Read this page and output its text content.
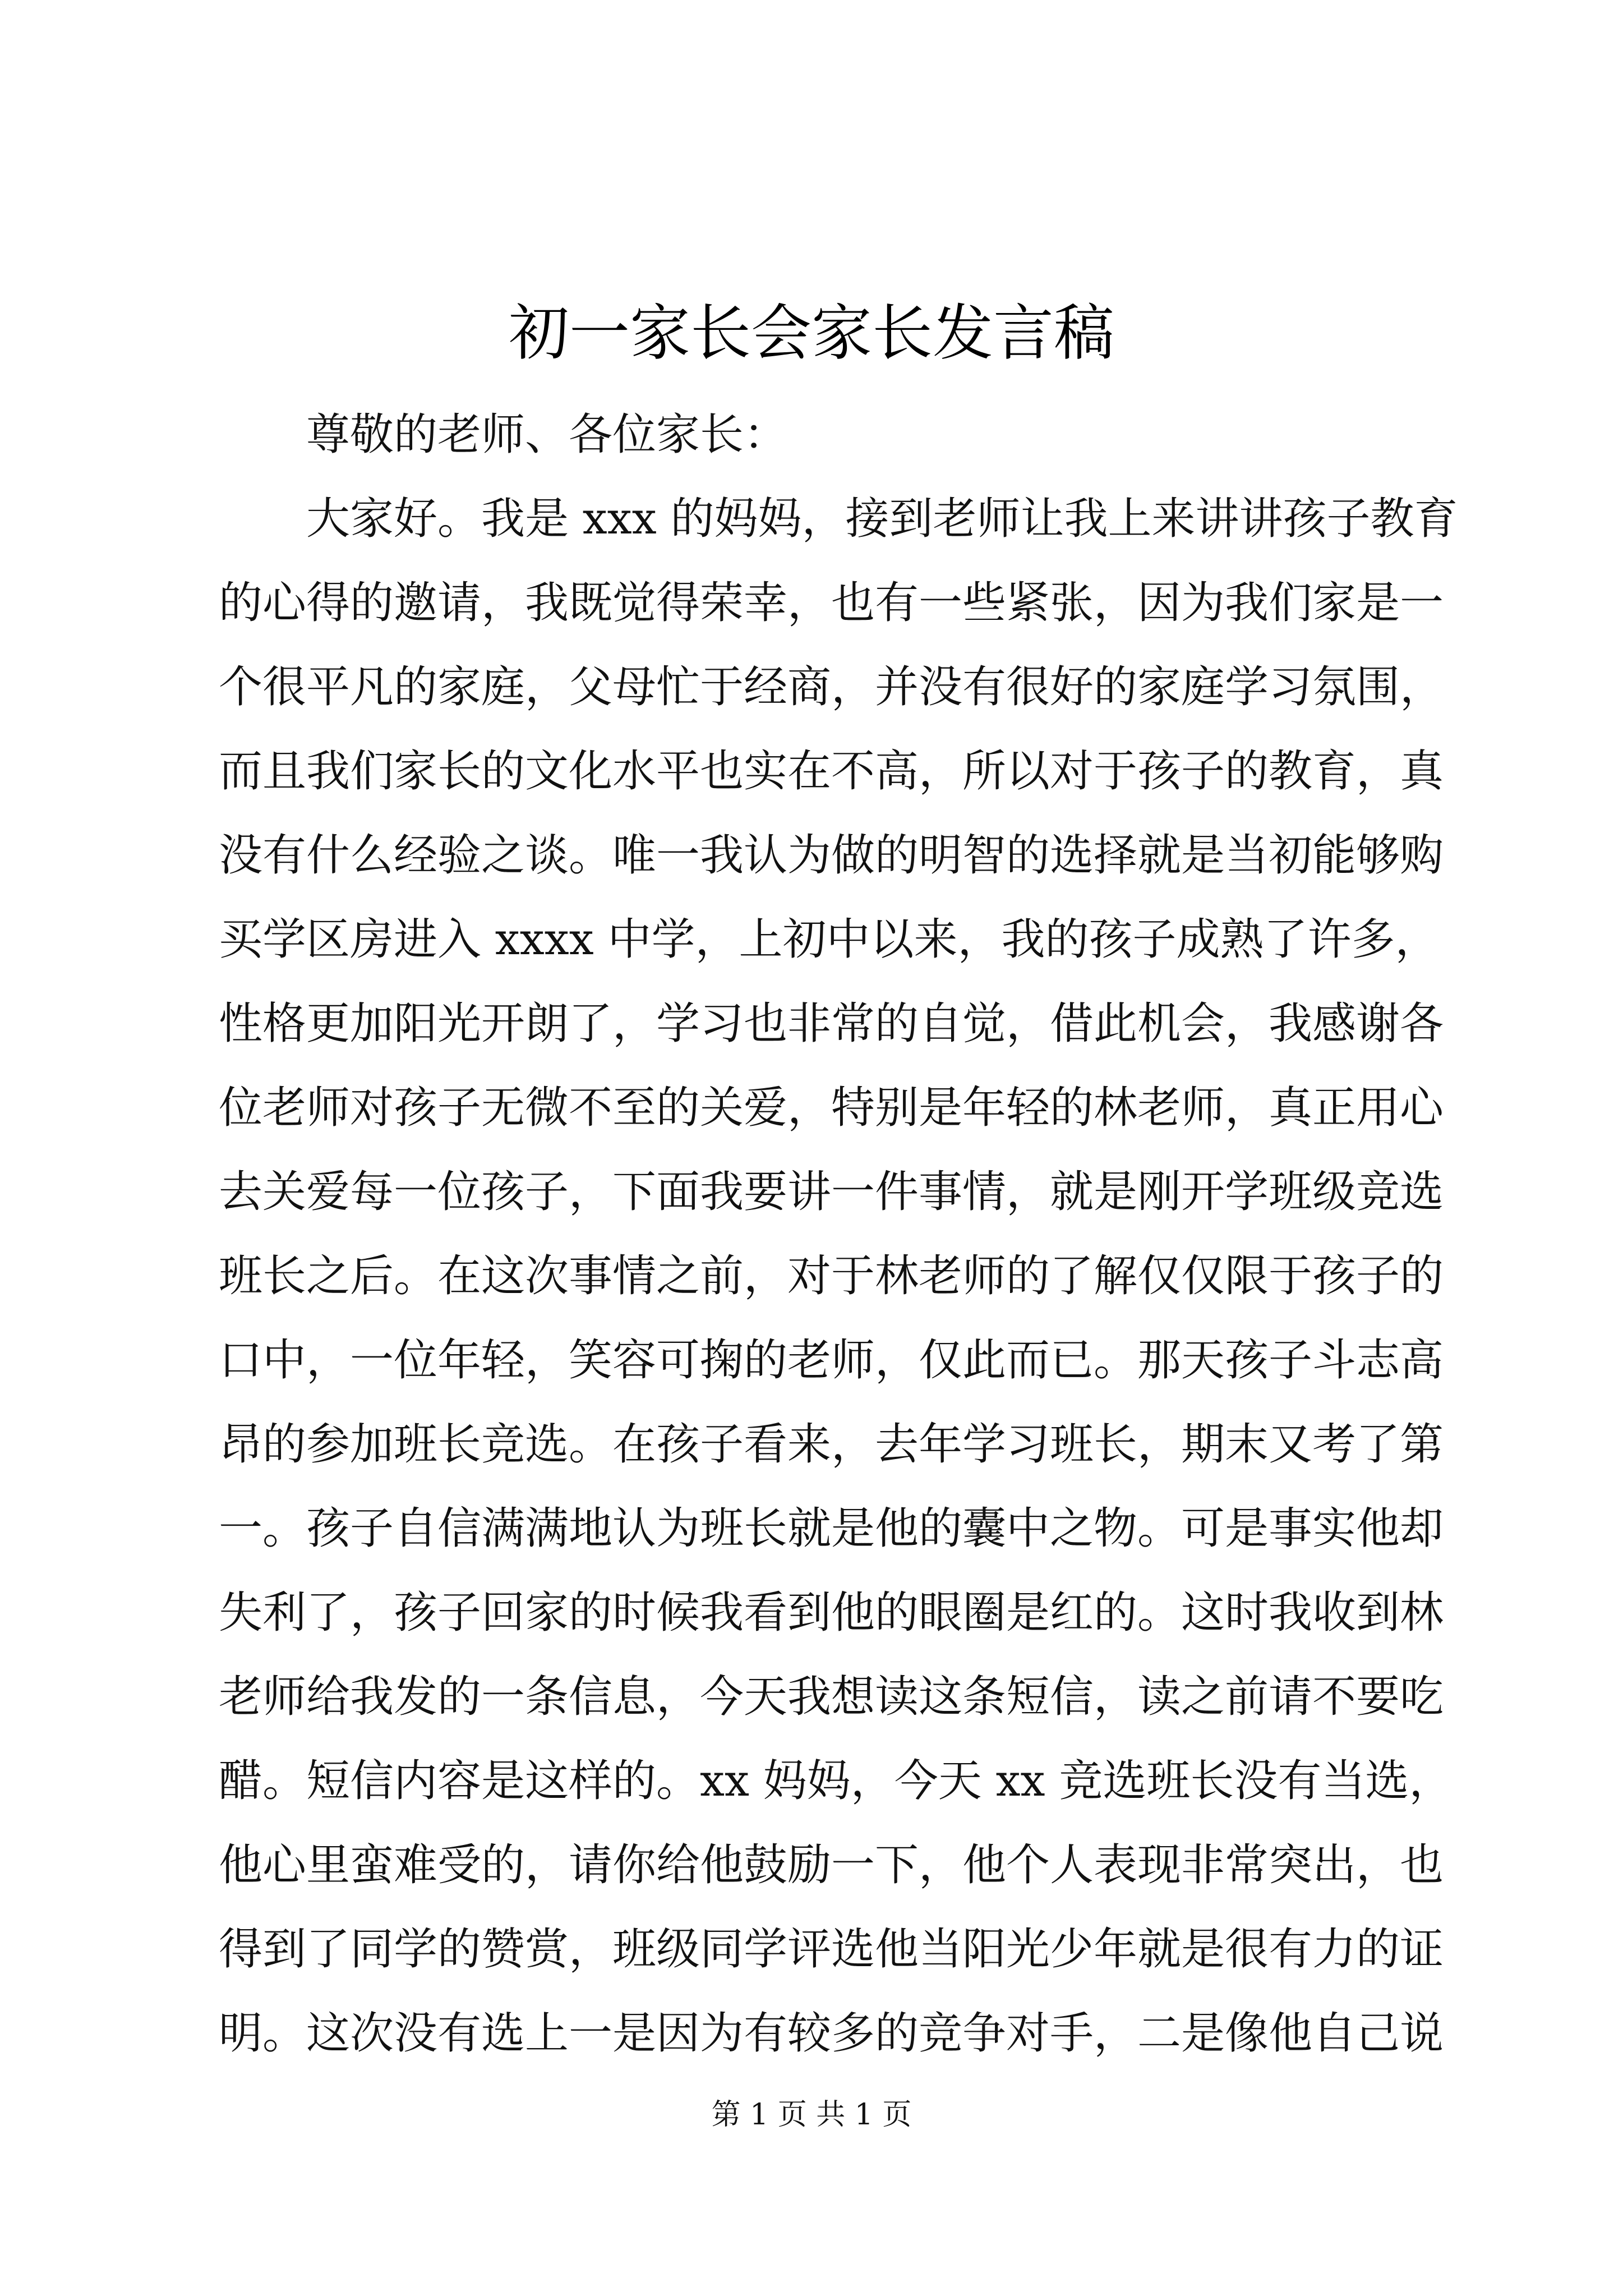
初一家长会家长发言稿
尊敬的老师、各位家长：
大家好。我是 xxx 的妈妈，接到老师让我上来讲讲孩子教育
的心得的邀请，我既觉得荣幸，也有一些紧张，因为我们家是一
个很平凡的家庭，父母忙于经商，并没有很好的家庭学习氛围，
而且我们家长的文化水平也实在不高，所以对于孩子的教育，真
没有什么经验之谈。唯一我认为做的明智的选择就是当初能够购
买学区房进入 xxxx 中学，上初中以来，我的孩子成熟了许多，
性格更加阳光开朗了，学习也非常的自觉，借此机会，我感谢各
位老师对孩子无微不至的关爱，特别是年轻的林老师，真正用心
去关爱每一位孩子，下面我要讲一件事情，就是刚开学班级竞选
班长之后。在这次事情之前，对于林老师的了解仅仅限于孩子的
口中，一位年轻，笑容可掬的老师，仅此而已。那天孩子斗志高
昂的参加班长竞选。在孩子看来，去年学习班长，期末又考了第
一。孩子自信满满地认为班长就是他的囊中之物。可是事实他却
失利了，孩子回家的时候我看到他的眼圈是红的。这时我收到林
老师给我发的一条信息，今天我想读这条短信，读之前请不要吃
醋。短信内容是这样的。xx 妈妈，今天 xx 竞选班长没有当选，
他心里蛮难受的，请你给他鼓励一下，他个人表现非常突出，也
得到了同学的赞赏，班级同学评选他当阳光少年就是很有力的证
明。这次没有选上一是因为有较多的竞争对手，二是像他自己说
第 1 页 共 1 页
